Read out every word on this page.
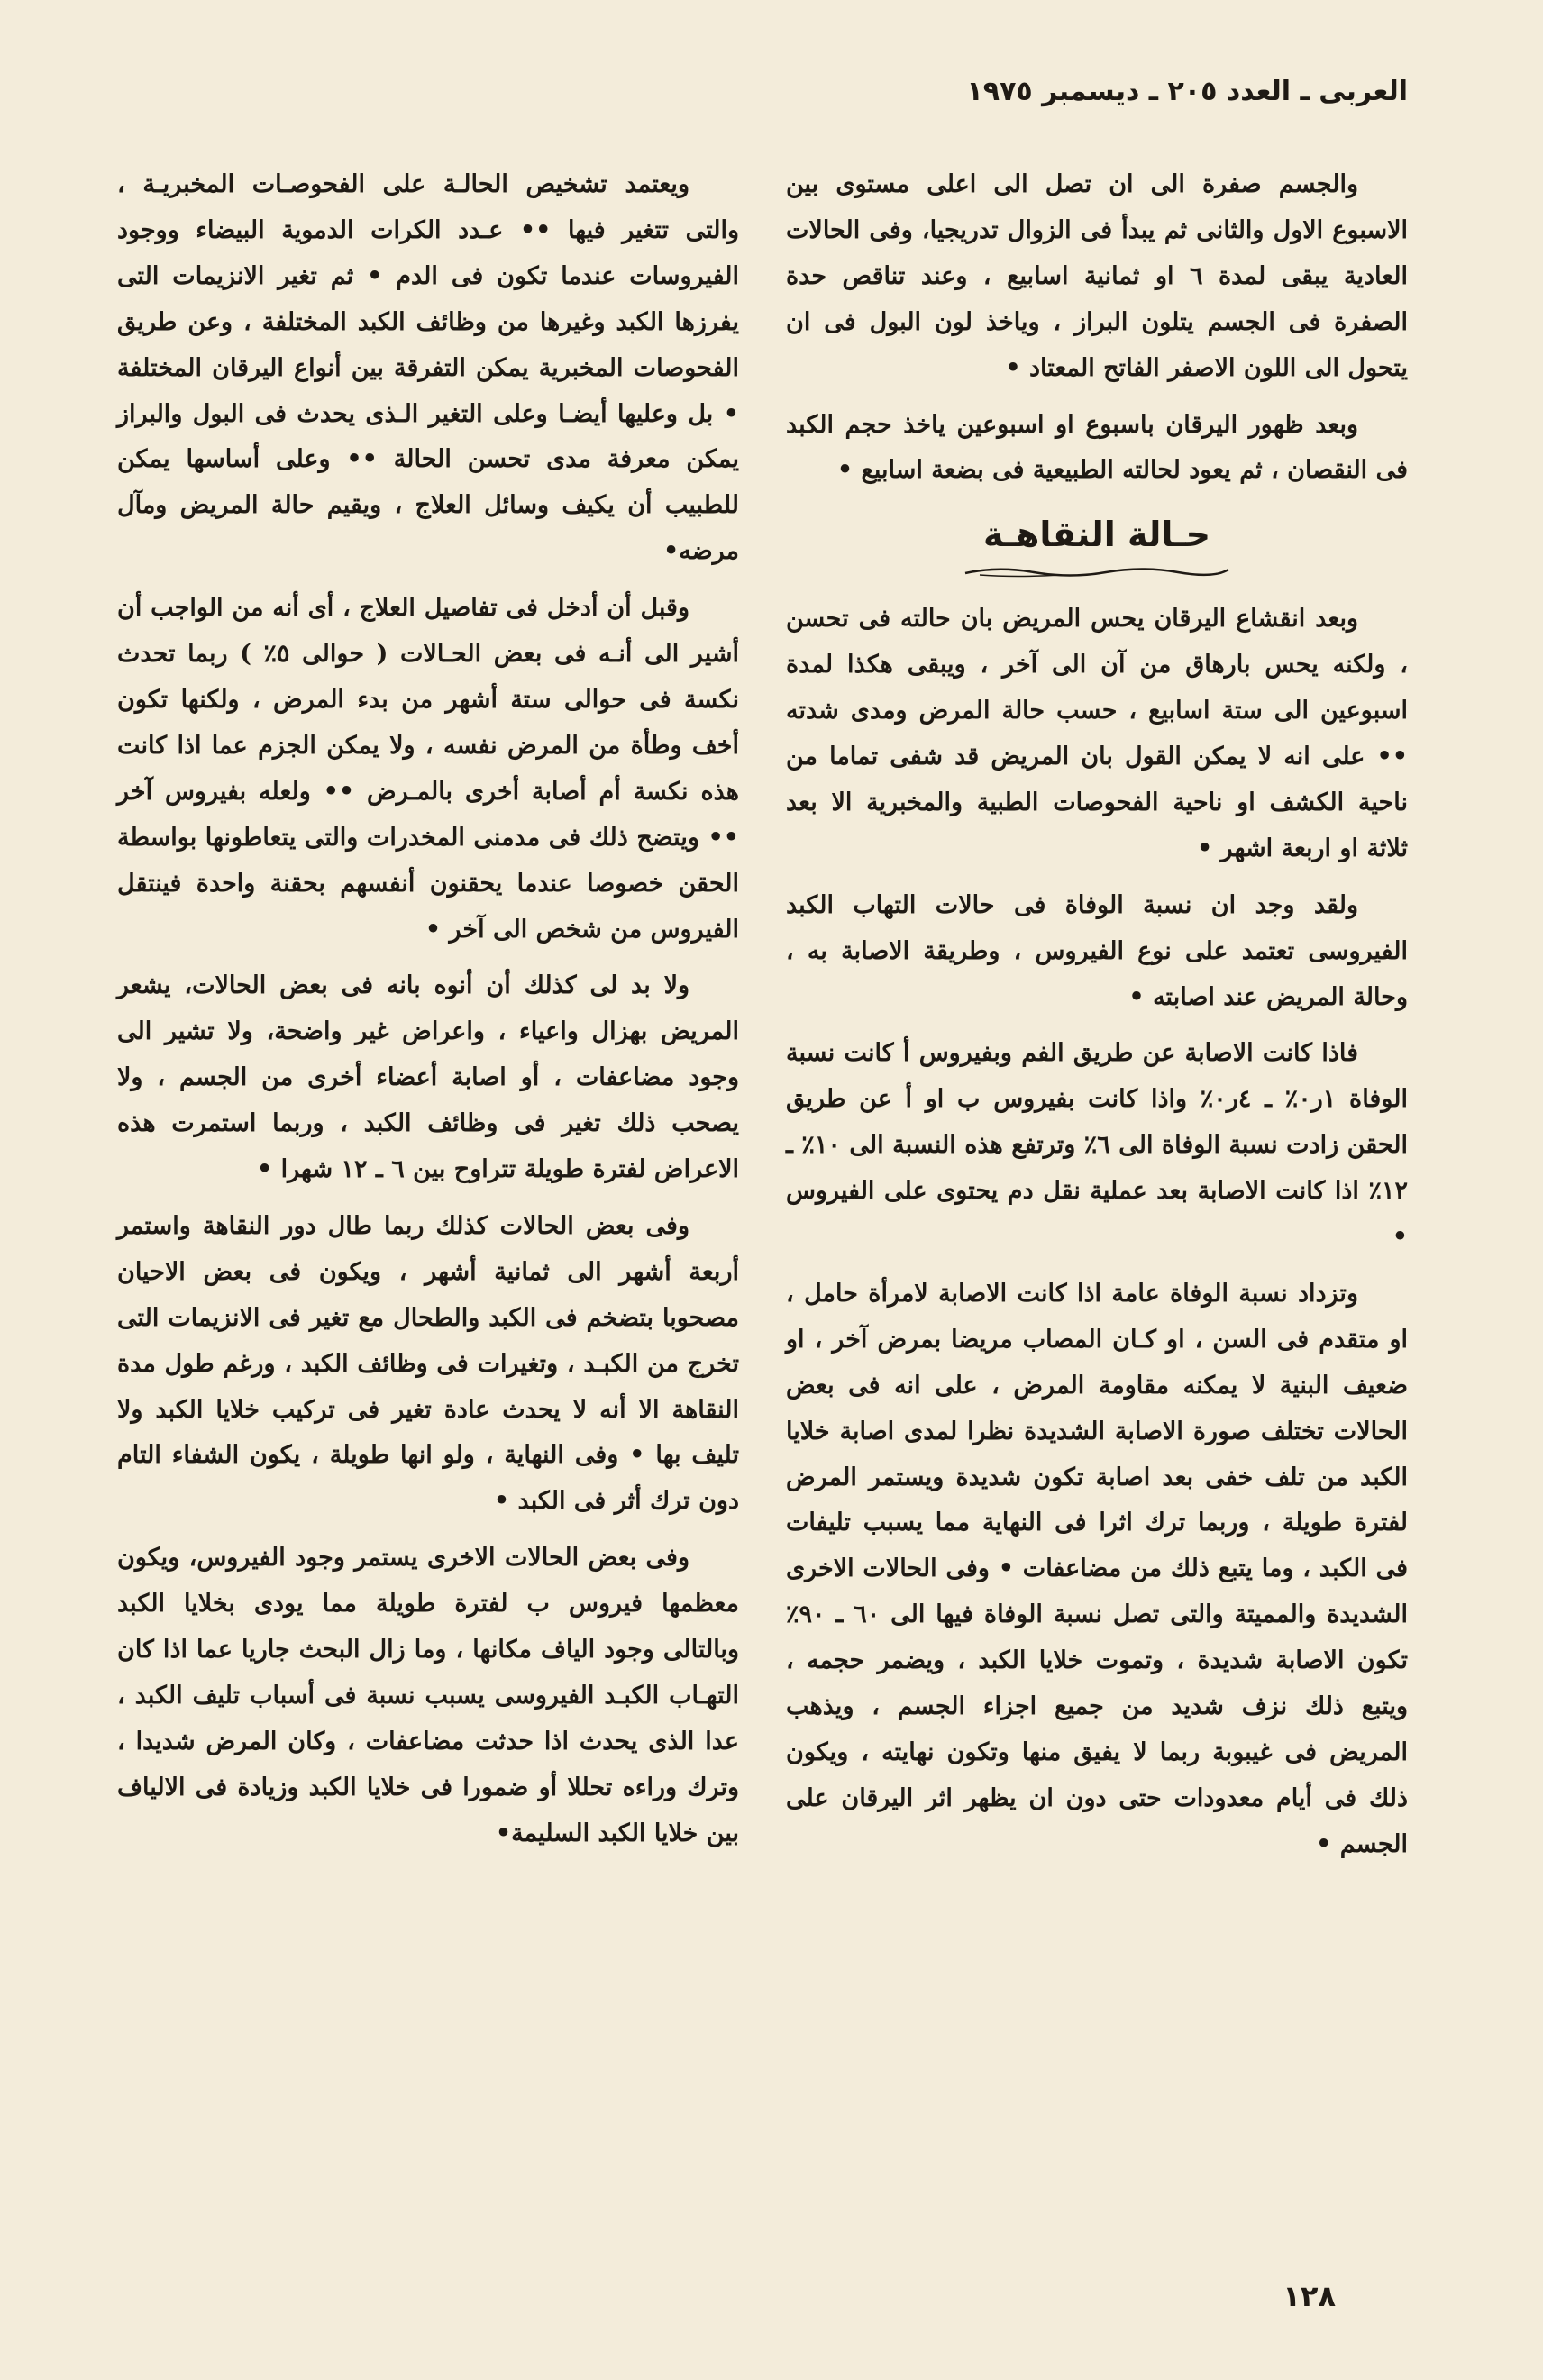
العربى ـ العدد ٢٠٥ ـ ديسمبر ١٩٧٥

والجسم صفرة الى ان تصل الى اعلى مستوى بين الاسبوع الاول والثانى ثم يبدأ فى الزوال تدريجيا، وفى الحالات العادية يبقى لمدة ٦ او ثمانية اسابيع ، وعند تناقص حدة الصفرة فى الجسم يتلون البراز ، وياخذ لون البول فى ان يتحول الى اللون الاصفر الفاتح المعتاد •

وبعد ظهور اليرقان باسبوع او اسبوعين ياخذ حجم الكبد فى النقصان ، ثم يعود لحالته الطبيعية فى بضعة اسابيع •

حـالة النقاهـة

وبعد انقشاع اليرقان يحس المريض بان حالته فى تحسن ، ولكنه يحس بارهاق من آن الى آخر ، ويبقى هكذا لمدة اسبوعين الى ستة اسابيع ، حسب حالة المرض ومدى شدته •• على انه لا يمكن القول بان المريض قد شفى تماما من ناحية الكشف او ناحية الفحوصات الطبية والمخبرية الا بعد ثلاثة او اربعة اشهر •

ولقد وجد ان نسبة الوفاة فى حالات التهاب الكبد الفيروسى تعتمد على نوع الفيروس ، وطريقة الاصابة به ، وحالة المريض عند اصابته •

فاذا كانت الاصابة عن طريق الفم وبفيروس أ كانت نسبة الوفاة ١ر٠٪ ـ ٤ر٠٪ واذا كانت بفيروس ب او أ عن طريق الحقن زادت نسبة الوفاة الى ٦٪ وترتفع هذه النسبة الى ١٠٪ ـ ١٢٪ اذا كانت الاصابة بعد عملية نقل دم يحتوى على الفيروس •

وتزداد نسبة الوفاة عامة اذا كانت الاصابة لامرأة حامل ، او متقدم فى السن ، او كـان المصاب مريضا بمرض آخر ، او ضعيف البنية لا يمكنه مقاومة المرض ، على انه فى بعض الحالات تختلف صورة الاصابة الشديدة نظرا لمدى اصابة خلايا الكبد من تلف خفى بعد اصابة تكون شديدة ويستمر المرض لفترة طويلة ، وربما ترك اثرا فى النهاية مما يسبب تليفات فى الكبد ، وما يتبع ذلك من مضاعفات • وفى الحالات الاخرى الشديدة والمميتة والتى تصل نسبة الوفاة فيها الى ٦٠ ـ ٩٠٪ تكون الاصابة شديدة ، وتموت خلايا الكبد ، ويضمر حجمه ، ويتبع ذلك نزف شديد من جميع اجزاء الجسم ، ويذهب المريض فى غيبوبة ربما لا يفيق منها وتكون نهايته ، ويكون ذلك فى أيام معدودات حتى دون ان يظهر اثر اليرقان على الجسم •

ويعتمد تشخيص الحالـة على الفحوصـات المخبريـة ، والتى تتغير فيها •• عـدد الكرات الدموية البيضاء ووجود الفيروسات عندما تكون فى الدم • ثم تغير الانزيمات التى يفرزها الكبد وغيرها من وظائف الكبد المختلفة ، وعن طريق الفحوصات المخبرية يمكن التفرقة بين أنواع اليرقان المختلفة • بل وعليها أيضـا وعلى التغير الـذى يحدث فى البول والبراز يمكن معرفة مدى تحسن الحالة •• وعلى أساسها يمكن للطبيب أن يكيف وسائل العلاج ، ويقيم حالة المريض ومآل مرضه•

وقبل أن أدخل فى تفاصيل العلاج ، أى أنه من الواجب أن أشير الى أنـه فى بعض الحـالات ( حوالى ٥٪ ) ربما تحدث نكسة فى حوالى ستة أشهر من بدء المرض ، ولكنها تكون أخف وطأة من المرض نفسه ، ولا يمكن الجزم عما اذا كانت هذه نكسة أم أصابة أخرى بالمـرض •• ولعله بفيروس آخر •• ويتضح ذلك فى مدمنى المخدرات والتى يتعاطونها بواسطة الحقن خصوصا عندما يحقنون أنفسهم بحقنة واحدة فينتقل الفيروس من شخص الى آخر •

ولا بد لى كذلك أن أنوه بانه فى بعض الحالات، يشعر المريض بهزال واعياء ، واعراض غير واضحة، ولا تشير الى وجود مضاعفات ، أو اصابة أعضاء أخرى من الجسم ، ولا يصحب ذلك تغير فى وظائف الكبد ، وربما استمرت هذه الاعراض لفترة طويلة تتراوح بين ٦ ـ ١٢ شهرا •

وفى بعض الحالات كذلك ربما طال دور النقاهة واستمر أربعة أشهر الى ثمانية أشهر ، ويكون فى بعض الاحيان مصحوبا بتضخم فى الكبد والطحال مع تغير فى الانزيمات التى تخرج من الكبـد ، وتغيرات فى وظائف الكبد ، ورغم طول مدة النقاهة الا أنه لا يحدث عادة تغير فى تركيب خلايا الكبد ولا تليف بها • وفى النهاية ، ولو انها طويلة ، يكون الشفاء التام دون ترك أثر فى الكبد •

وفى بعض الحالات الاخرى يستمر وجود الفيروس، ويكون معظمها فيروس ب لفترة طويلة مما يودى بخلايا الكبد وبالتالى وجود الياف مكانها ، وما زال البحث جاريا عما اذا كان التهـاب الكبـد الفيروسى يسبب نسبة فى أسباب تليف الكبد ، عدا الذى يحدث اذا حدثت مضاعفات ، وكان المرض شديدا ، وترك وراءه تحللا أو ضمورا فى خلايا الكبد وزيادة فى الالياف بين خلايا الكبد السليمة•

١٢٨
